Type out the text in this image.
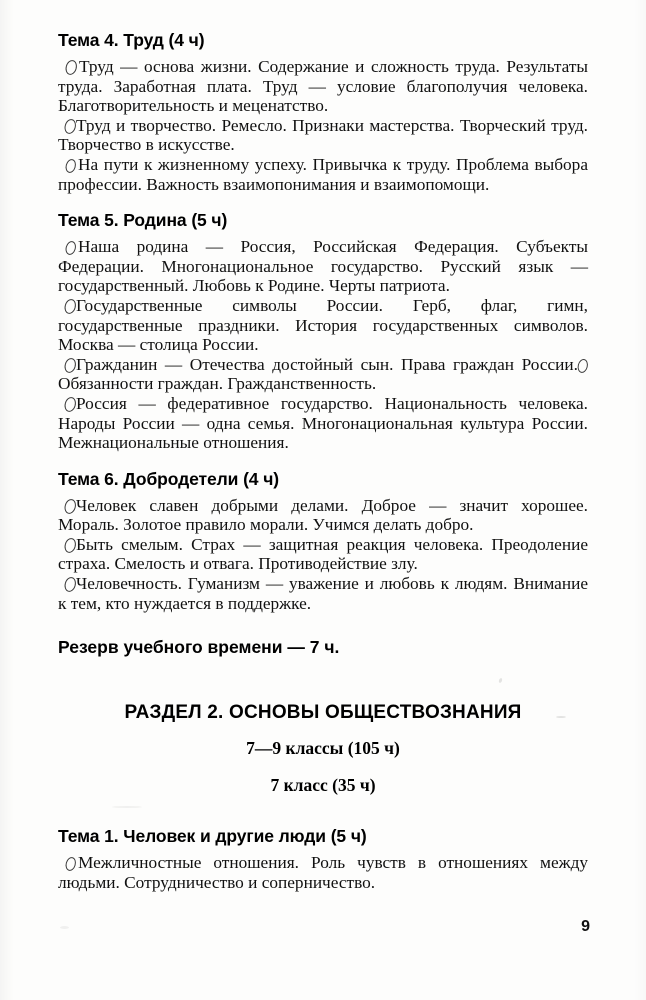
Тема 4. Труд (4 ч)

Труд — основа жизни. Содержание и сложность труда. Результаты труда. Заработная плата. Труд — условие благополучия человека. Благотворительность и меценатство.

Труд и творчество. Ремесло. Признаки мастерства. Творческий труд. Творчество в искусстве.

На пути к жизненному успеху. Привычка к труду. Проблема выбора профессии. Важность взаимопонимания и взаимопомощи.

Тема 5. Родина (5 ч)

Наша родина — Россия, Российская Федерация. Субъекты Федерации. Многонациональное государство. Русский язык — государственный. Любовь к Родине. Черты патриота.

Государственные символы России. Герб, флаг, гимн, государственные праздники. История государственных символов. Москва — столица России.

Гражданин — Отечества достойный сын. Права граждан России.Обязанности граждан. Гражданственность.

Россия — федеративное государство. Национальность человека. Народы России — одна семья. Многонациональная культура России. Межнациональные отношения.

Тема 6. Добродетели (4 ч)

Человек славен добрыми делами. Доброе — значит хорошее. Мораль. Золотое правило морали. Учимся делать добро.

Быть смелым. Страх — защитная реакция человека. Преодоление страха. Смелость и отвага. Противодействие злу.

Человечность. Гуманизм — уважение и любовь к людям. Внимание к тем, кто нуждается в поддержке.

Резерв учебного времени — 7 ч.

РАЗДЕЛ 2. ОСНОВЫ ОБЩЕСТВОЗНАНИЯ

7—9 классы (105 ч)

7 класс (35 ч)

Тема 1. Человек и другие люди (5 ч)

Межличностные отношения. Роль чувств в отношениях между людьми. Сотрудничество и соперничество.

9
